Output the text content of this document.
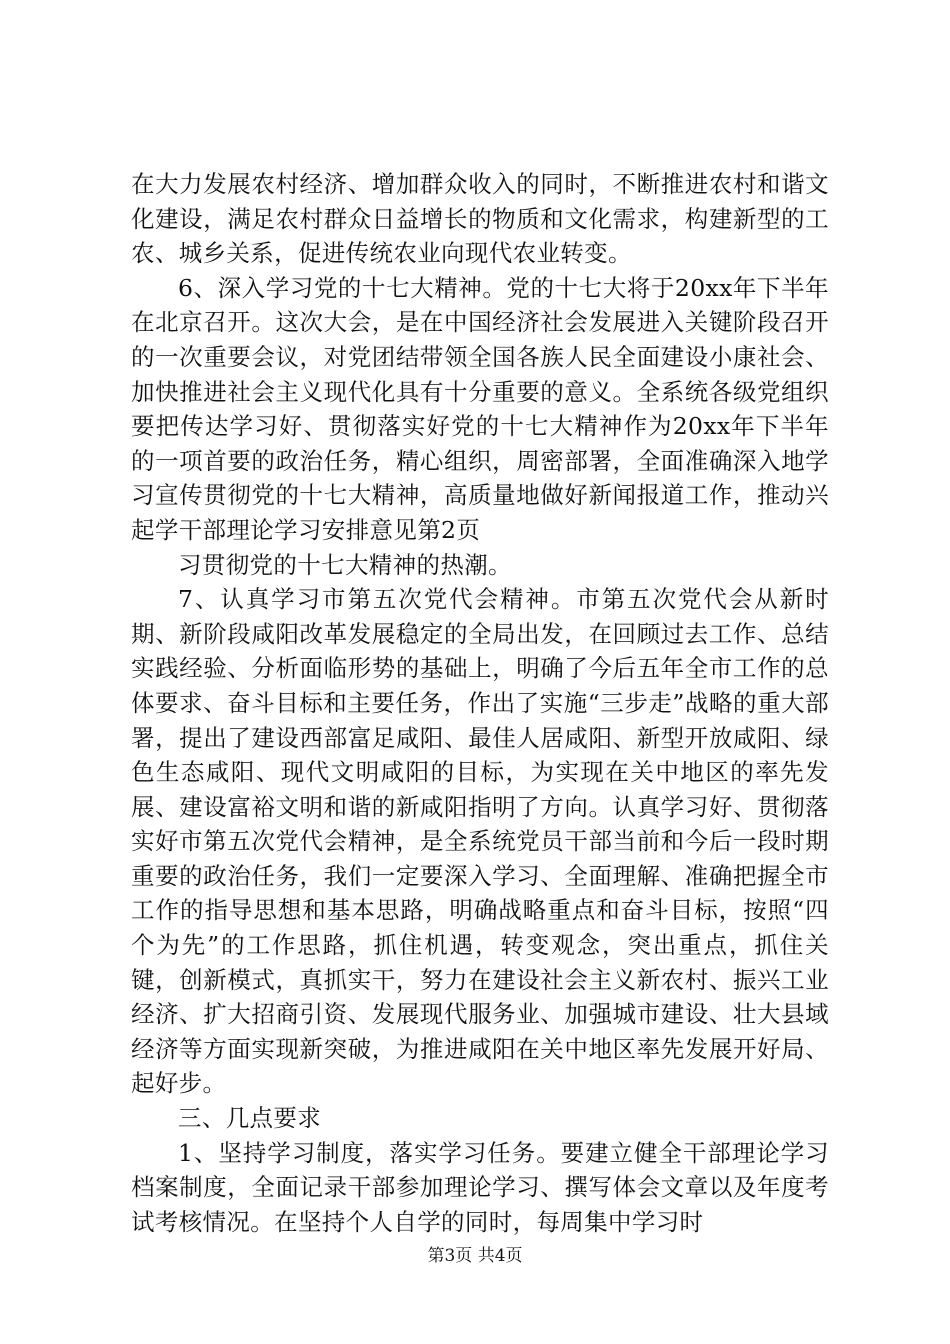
在大力发展农村经济、增加群众收入的同时，不断推进农村和谐文化建设，满足农村群众日益增长的物质和文化需求，构建新型的工农、城乡关系，促进传统农业向现代农业转变。

6、深入学习党的十七大精神。党的十七大将于20xx年下半年在北京召开。这次大会，是在中国经济社会发展进入关键阶段召开的一次重要会议，对党团结带领全国各族人民全面建设小康社会、加快推进社会主义现代化具有十分重要的意义。全系统各级党组织要把传达学习好、贯彻落实好党的十七大精神作为20xx年下半年的一项首要的政治任务，精心组织，周密部署，全面准确深入地学习宣传贯彻党的十七大精神，高质量地做好新闻报道工作，推动兴起学干部理论学习安排意见第2页

习贯彻党的十七大精神的热潮。

7、认真学习市第五次党代会精神。市第五次党代会从新时期、新阶段咸阳改革发展稳定的全局出发，在回顾过去工作、总结实践经验、分析面临形势的基础上，明确了今后五年全市工作的总体要求、奋斗目标和主要任务，作出了实施“三步走”战略的重大部署，提出了建设西部富足咸阳、最佳人居咸阳、新型开放咸阳、绿色生态咸阳、现代文明咸阳的目标，为实现在关中地区的率先发展、建设富裕文明和谐的新咸阳指明了方向。认真学习好、贯彻落实好市第五次党代会精神，是全系统党员干部当前和今后一段时期重要的政治任务，我们一定要深入学习、全面理解、准确把握全市工作的指导思想和基本思路，明确战略重点和奋斗目标，按照“四个为先”的工作思路，抓住机遇，转变观念，突出重点，抓住关键，创新模式，真抓实干，努力在建设社会主义新农村、振兴工业经济、扩大招商引资、发展现代服务业、加强城市建设、壮大县域经济等方面实现新突破，为推进咸阳在关中地区率先发展开好局、起好步。

三、几点要求

1、坚持学习制度，落实学习任务。要建立健全干部理论学习档案制度，全面记录干部参加理论学习、撰写体会文章以及年度考试考核情况。在坚持个人自学的同时，每周集中学习时

第3页 共4页
